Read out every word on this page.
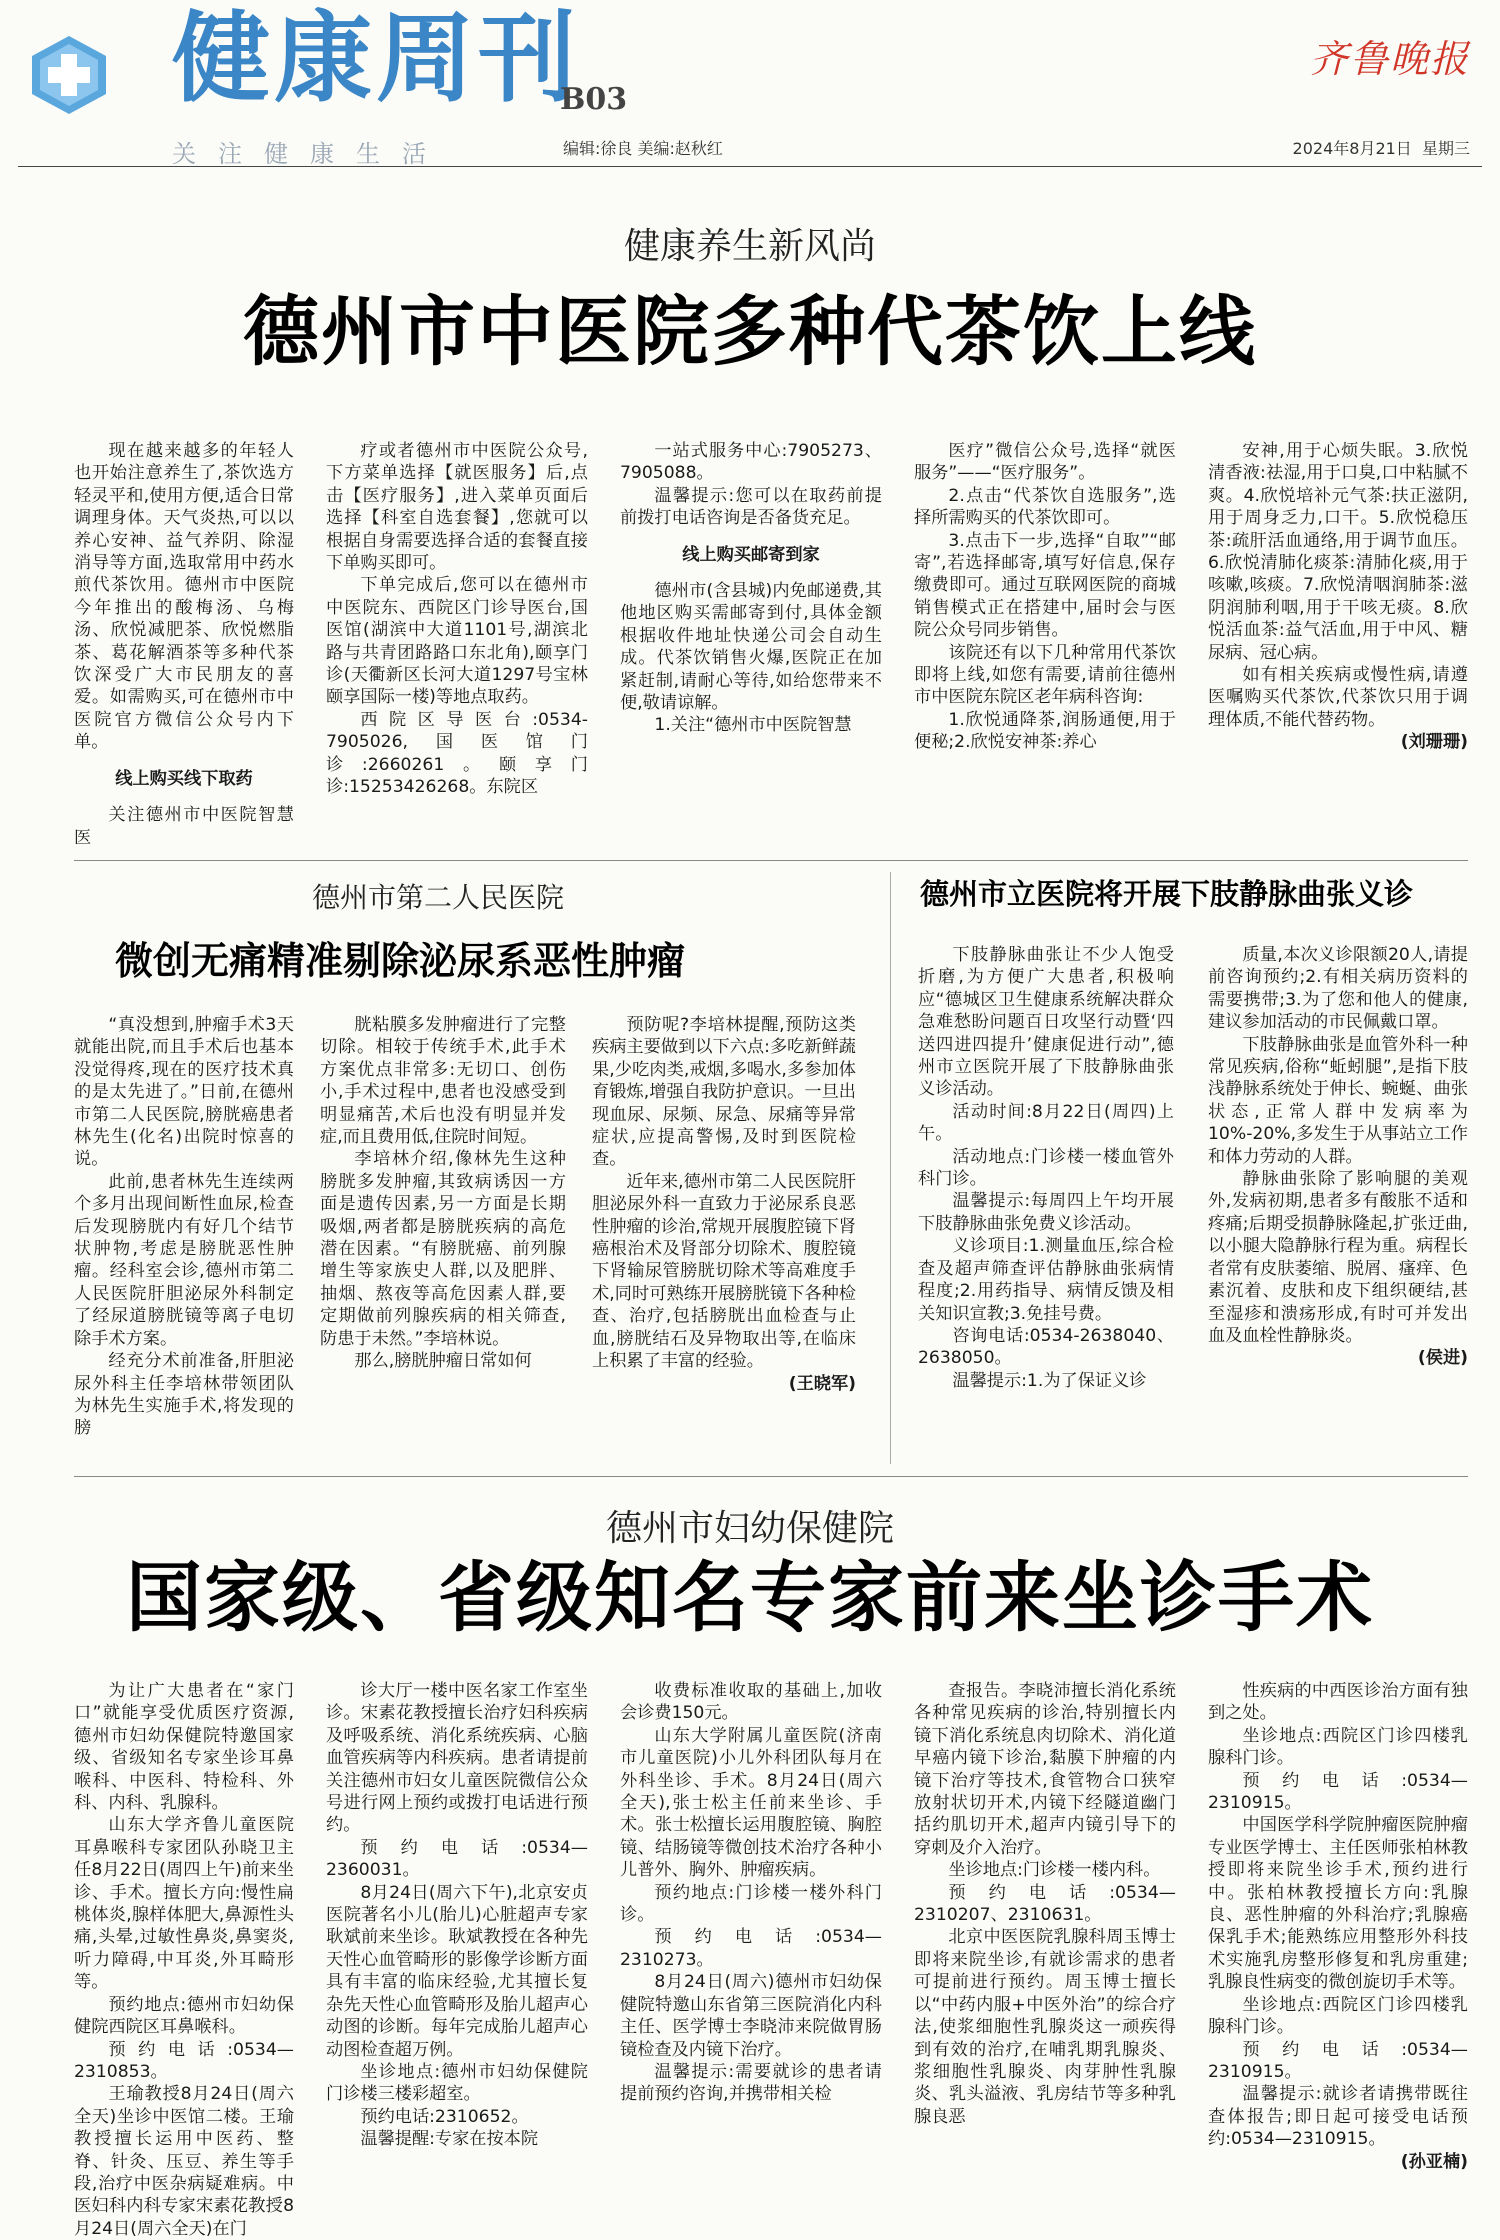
健康周刊
B03
关注健康生活	编辑:徐良 美编:赵秋红
齐鲁晚报
2024年8月21日 星期三
健康养生新风尚
德州市中医院多种代茶饮上线

现在越来越多的年轻人也开始注意养生了,茶饮选方轻灵平和,使用方便,适合日常调理身体。天气炎热,可以以养心安神、益气养阴、除湿消导等方面,选取常用中药水煎代茶饮用。德州市中医院今年推出的酸梅汤、乌梅汤、欣悦减肥茶、欣悦燃脂茶、葛花解酒茶等多种代茶饮深受广大市民朋友的喜爱。如需购买,可在德州市中医院官方微信公众号内下单。

线上购买线下取药

关注德州市中医院智慧医

疗或者德州市中医院公众号,下方菜单选择【就医服务】后,点击【医疗服务】,进入菜单页面后选择【科室自选套餐】,您就可以根据自身需要选择合适的套餐直接下单购买即可。

下单完成后,您可以在德州市中医院东、西院区门诊导医台,国医馆(湖滨中大道1101号,湖滨北路与共青团路路口东北角),颐享门诊(天衢新区长河大道1297号宝林颐享国际一楼)等地点取药。

西院区导医台:0534-7905026,国医馆门诊:2660261。颐享门诊:15253426268。东院区

一站式服务中心:7905273、7905088。

温馨提示:您可以在取药前提前拨打电话咨询是否备货充足。

线上购买邮寄到家

德州市(含县城)内免邮递费,其他地区购买需邮寄到付,具体金额根据收件地址快递公司会自动生成。代茶饮销售火爆,医院正在加紧赶制,请耐心等待,如给您带来不便,敬请谅解。

1.关注“德州市中医院智慧

医疗”微信公众号,选择“就医服务”——“医疗服务”。

2.点击“代茶饮自选服务”,选择所需购买的代茶饮即可。

3.点击下一步,选择“自取”“邮寄”,若选择邮寄,填写好信息,保存缴费即可。通过互联网医院的商城销售模式正在搭建中,届时会与医院公众号同步销售。

该院还有以下几种常用代茶饮即将上线,如您有需要,请前往德州市中医院东院区老年病科咨询:

1.欣悦通降茶,润肠通便,用于便秘;2.欣悦安神茶:养心

安神,用于心烦失眠。3.欣悦清香液:祛湿,用于口臭,口中粘腻不爽。4.欣悦培补元气茶:扶正滋阴,用于周身乏力,口干。5.欣悦稳压茶:疏肝活血通络,用于调节血压。6.欣悦清肺化痰茶:清肺化痰,用于咳嗽,咳痰。7.欣悦清咽润肺茶:滋阴润肺利咽,用于干咳无痰。8.欣悦活血茶:益气活血,用于中风、糖尿病、冠心病。

如有相关疾病或慢性病,请遵医嘱购买代茶饮,代茶饮只用于调理体质,不能代替药物。

(刘珊珊)

德州市第二人民医院
微创无痛精准剔除泌尿系恶性肿瘤

“真没想到,肿瘤手术3天就能出院,而且手术后也基本没觉得疼,现在的医疗技术真的是太先进了。”日前,在德州市第二人民医院,膀胱癌患者林先生(化名)出院时惊喜的说。

此前,患者林先生连续两个多月出现间断性血尿,检查后发现膀胱内有好几个结节状肿物,考虑是膀胱恶性肿瘤。经科室会诊,德州市第二人民医院肝胆泌尿外科制定了经尿道膀胱镜等离子电切除手术方案。

经充分术前准备,肝胆泌尿外科主任李培林带领团队为林先生实施手术,将发现的膀

胱粘膜多发肿瘤进行了完整切除。相较于传统手术,此手术方案优点非常多:无切口、创伤小,手术过程中,患者也没感受到明显痛苦,术后也没有明显并发症,而且费用低,住院时间短。

李培林介绍,像林先生这种膀胱多发肿瘤,其致病诱因一方面是遗传因素,另一方面是长期吸烟,两者都是膀胱疾病的高危潜在因素。“有膀胱癌、前列腺增生等家族史人群,以及肥胖、抽烟、熬夜等高危因素人群,要定期做前列腺疾病的相关筛查,防患于未然。”李培林说。

那么,膀胱肿瘤日常如何

预防呢?李培林提醒,预防这类疾病主要做到以下六点:多吃新鲜蔬果,少吃肉类,戒烟,多喝水,多参加体育锻炼,增强自我防护意识。一旦出现血尿、尿频、尿急、尿痛等异常症状,应提高警惕,及时到医院检查。

近年来,德州市第二人民医院肝胆泌尿外科一直致力于泌尿系良恶性肿瘤的诊治,常规开展腹腔镜下肾癌根治术及肾部分切除术、腹腔镜下肾输尿管膀胱切除术等高难度手术,同时可熟练开展膀胱镜下各种检查、治疗,包括膀胱出血检查与止血,膀胱结石及异物取出等,在临床上积累了丰富的经验。

(王晓军)

德州市立医院将开展下肢静脉曲张义诊

下肢静脉曲张让不少人饱受折磨,为方便广大患者,积极响应“德城区卫生健康系统解决群众急难愁盼问题百日攻坚行动暨‘四送四进四提升’健康促进行动”,德州市立医院开展了下肢静脉曲张义诊活动。

活动时间:8月22日(周四)上午。

活动地点:门诊楼一楼血管外科门诊。

温馨提示:每周四上午均开展下肢静脉曲张免费义诊活动。

义诊项目:1.测量血压,综合检查及超声筛查评估静脉曲张病情程度;2.用药指导、病情反馈及相关知识宣教;3.免挂号费。

咨询电话:0534-2638040、2638050。

温馨提示:1.为了保证义诊

质量,本次义诊限额20人,请提前咨询预约;2.有相关病历资料的需要携带;3.为了您和他人的健康,建议参加活动的市民佩戴口罩。

下肢静脉曲张是血管外科一种常见疾病,俗称“蚯蚓腿”,是指下肢浅静脉系统处于伸长、蜿蜒、曲张状态,正常人群中发病率为10%-20%,多发生于从事站立工作和体力劳动的人群。

静脉曲张除了影响腿的美观外,发病初期,患者多有酸胀不适和疼痛;后期受损静脉隆起,扩张迂曲,以小腿大隐静脉行程为重。病程长者常有皮肤萎缩、脱屑、瘙痒、色素沉着、皮肤和皮下组织硬结,甚至湿疹和溃疡形成,有时可并发出血及血栓性静脉炎。

(侯进)

德州市妇幼保健院
国家级、省级知名专家前来坐诊手术

为让广大患者在“家门口”就能享受优质医疗资源,德州市妇幼保健院特邀国家级、省级知名专家坐诊耳鼻喉科、中医科、特检科、外科、内科、乳腺科。

山东大学齐鲁儿童医院耳鼻喉科专家团队孙晓卫主任8月22日(周四上午)前来坐诊、手术。擅长方向:慢性扁桃体炎,腺样体肥大,鼻源性头痛,头晕,过敏性鼻炎,鼻窦炎,听力障碍,中耳炎,外耳畸形等。

预约地点:德州市妇幼保健院西院区耳鼻喉科。

预约电话:0534—2310853。

王瑜教授8月24日(周六全天)坐诊中医馆二楼。王瑜教授擅长运用中医药、整脊、针灸、压豆、养生等手段,治疗中医杂病疑难病。中医妇科内科专家宋素花教授8月24日(周六全天)在门

诊大厅一楼中医名家工作室坐诊。宋素花教授擅长治疗妇科疾病及呼吸系统、消化系统疾病、心脑血管疾病等内科疾病。患者请提前关注德州市妇女儿童医院微信公众号进行网上预约或拨打电话进行预约。

预约电话:0534—2360031。

8月24日(周六下午),北京安贞医院著名小儿(胎儿)心脏超声专家耿斌前来坐诊。耿斌教授在各种先天性心血管畸形的影像学诊断方面具有丰富的临床经验,尤其擅长复杂先天性心血管畸形及胎儿超声心动图的诊断。每年完成胎儿超声心动图检查超万例。

坐诊地点:德州市妇幼保健院门诊楼三楼彩超室。

预约电话:2310652。

温馨提醒:专家在按本院

收费标准收取的基础上,加收会诊费150元。

山东大学附属儿童医院(济南市儿童医院)小儿外科团队每月在外科坐诊、手术。8月24日(周六全天),张士松主任前来坐诊、手术。张士松擅长运用腹腔镜、胸腔镜、结肠镜等微创技术治疗各种小儿普外、胸外、肿瘤疾病。

预约地点:门诊楼一楼外科门诊。

预约电话:0534—2310273。

8月24日(周六)德州市妇幼保健院特邀山东省第三医院消化内科主任、医学博士李晓沛来院做胃肠镜检查及内镜下治疗。

温馨提示:需要就诊的患者请提前预约咨询,并携带相关检

查报告。李晓沛擅长消化系统各种常见疾病的诊治,特别擅长内镜下消化系统息肉切除术、消化道早癌内镜下诊治,黏膜下肿瘤的内镜下治疗等技术,食管物合口狭窄放射状切开术,内镜下经隧道幽门括约肌切开术,超声内镜引导下的穿刺及介入治疗。

坐诊地点:门诊楼一楼内科。

预约电话:0534—2310207、2310631。

北京中医医院乳腺科周玉博士即将来院坐诊,有就诊需求的患者可提前进行预约。周玉博士擅长以“中药内服+中医外治”的综合疗法,使浆细胞性乳腺炎这一顽疾得到有效的治疗,在哺乳期乳腺炎、浆细胞性乳腺炎、肉芽肿性乳腺炎、乳头溢液、乳房结节等多种乳腺良恶

性疾病的中西医诊治方面有独到之处。

坐诊地点:西院区门诊四楼乳腺科门诊。

预约电话:0534—2310915。

中国医学科学院肿瘤医院肿瘤专业医学博士、主任医师张柏林教授即将来院坐诊手术,预约进行中。张柏林教授擅长方向:乳腺良、恶性肿瘤的外科治疗;乳腺癌保乳手术;能熟练应用整形外科技术实施乳房整形修复和乳房重建;乳腺良性病变的微创旋切手术等。

坐诊地点:西院区门诊四楼乳腺科门诊。

预约电话:0534—2310915。

温馨提示:就诊者请携带既往查体报告;即日起可接受电话预约:0534—2310915。

(孙亚楠)
